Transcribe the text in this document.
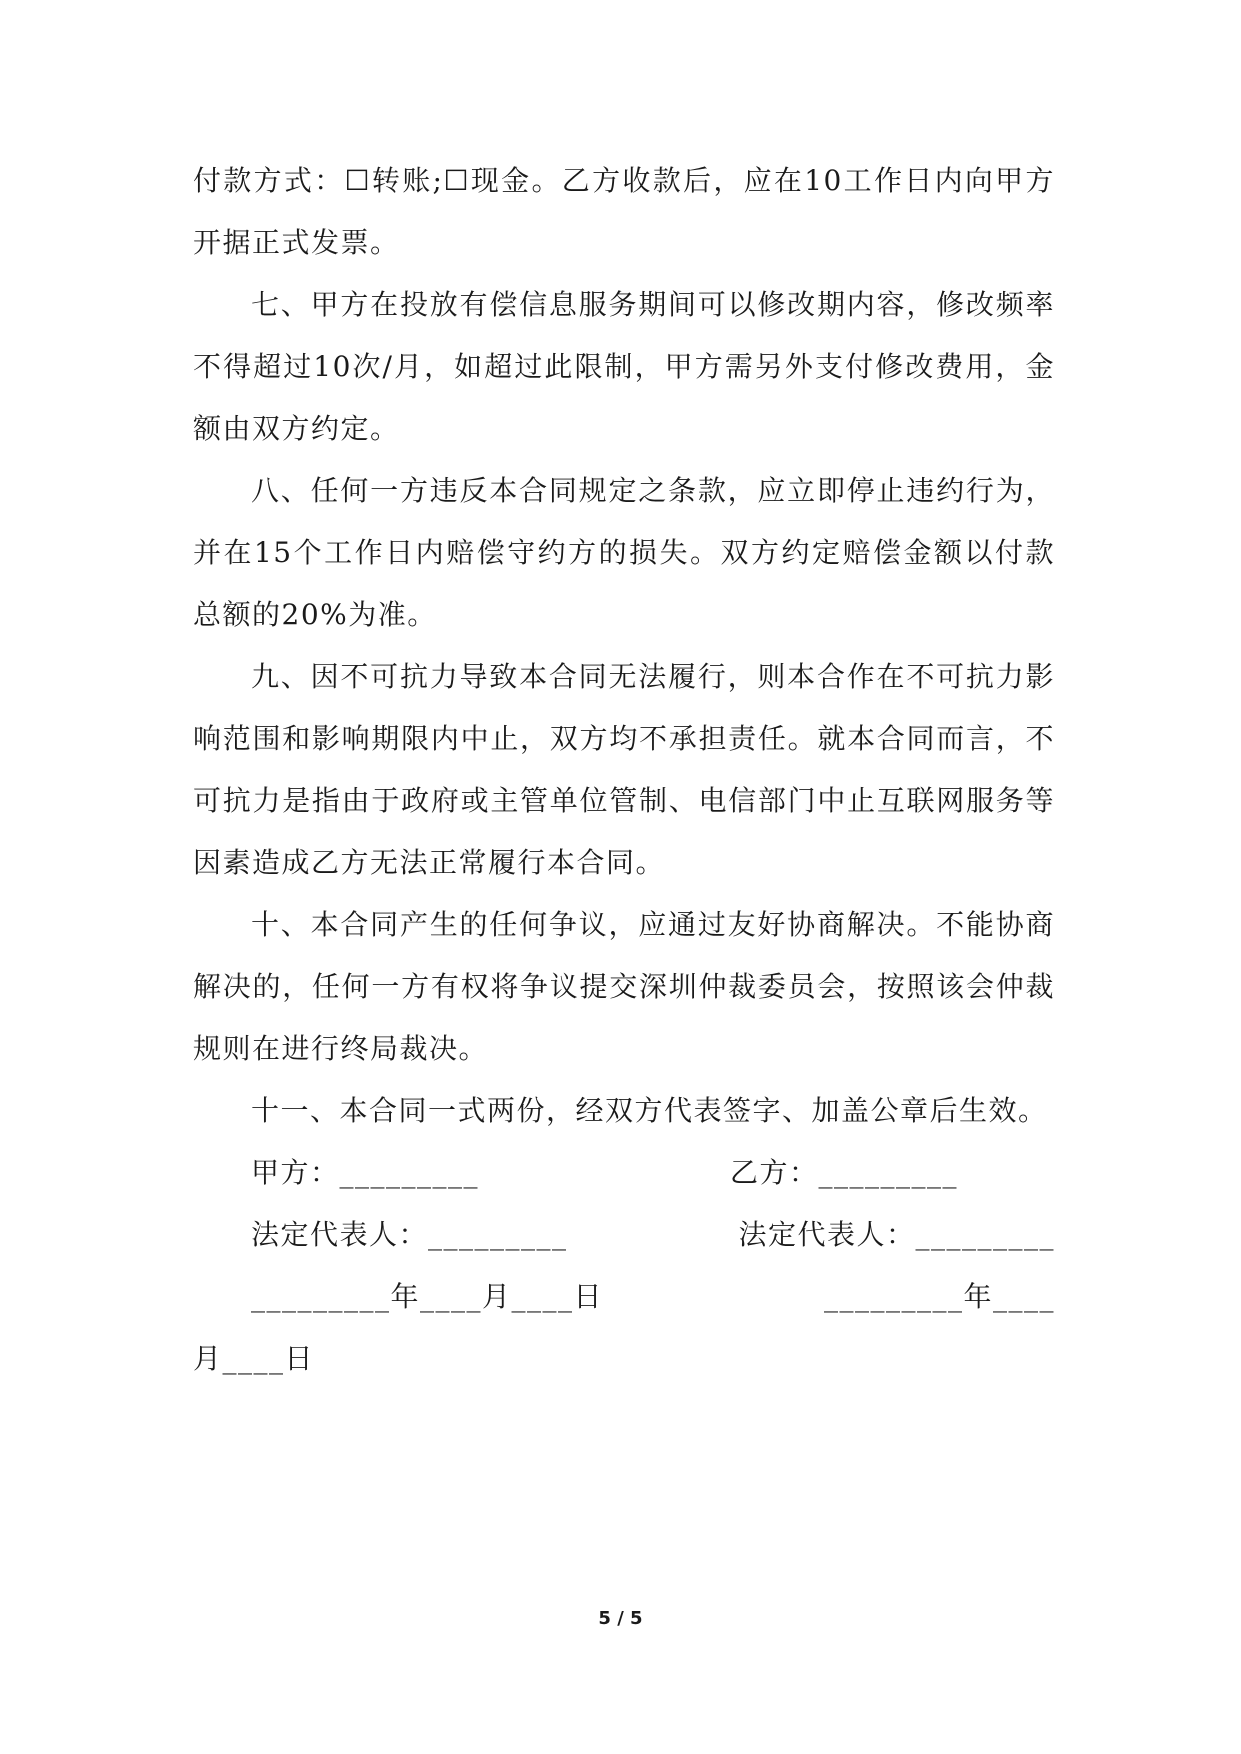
付款方式：☐转账;☐现金。乙方收款后，应在10工作日内向甲方开据正式发票。

七、甲方在投放有偿信息服务期间可以修改期内容，修改频率不得超过10次/月，如超过此限制，甲方需另外支付修改费用，金额由双方约定。

八、任何一方违反本合同规定之条款，应立即停止违约行为，并在15个工作日内赔偿守约方的损失。双方约定赔偿金额以付款总额的20%为准。

九、因不可抗力导致本合同无法履行，则本合作在不可抗力影响范围和影响期限内中止，双方均不承担责任。就本合同而言，不可抗力是指由于政府或主管单位管制、电信部门中止互联网服务等因素造成乙方无法正常履行本合同。

十、本合同产生的任何争议，应通过友好协商解决。不能协商解决的，任何一方有权将争议提交深圳仲裁委员会，按照该会仲裁规则在进行终局裁决。

十一、本合同一式两份，经双方代表签字、加盖公章后生效。

甲方：_________	乙方：_________
法定代表人：_________	法定代表人：_________
_________年____月____日	_________年____
月____日
5 / 5
